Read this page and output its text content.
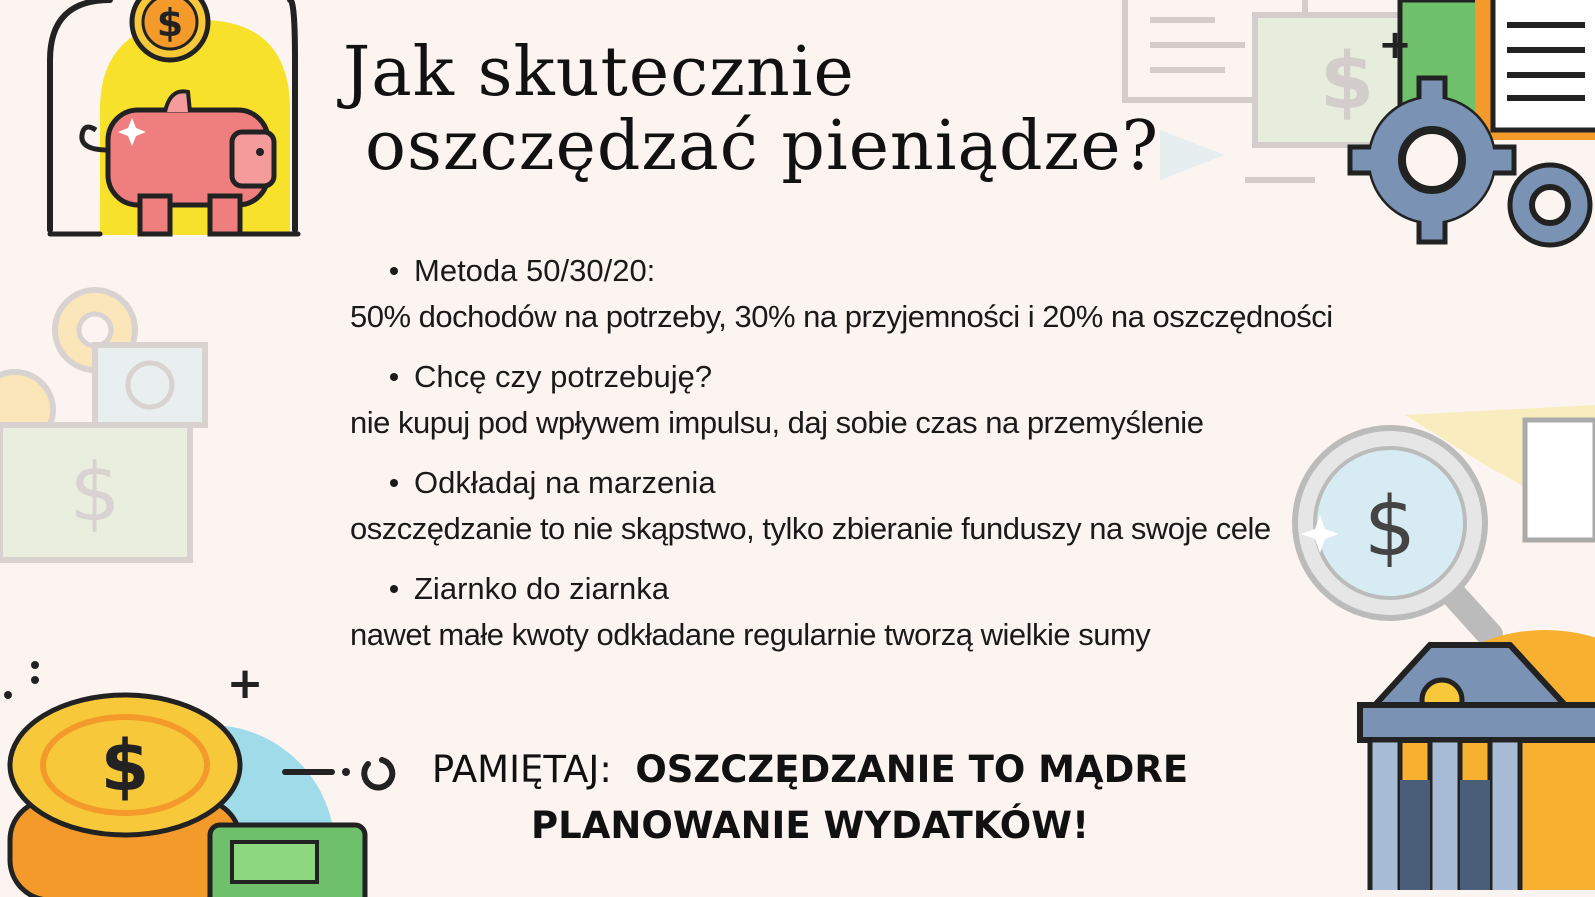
$
$ +
$	$
+
$
Jak skutecznie
oszczędzać pieniądze?
Metoda 50/30/20:
50% dochodów na potrzeby, 30% na przyjemności i 20% na oszczędności
Chcę czy potrzebuję?
nie kupuj pod wpływem impulsu, daj sobie czas na przemyślenie
Odkładaj na marzenia
oszczędzanie to nie skąpstwo, tylko zbieranie funduszy na swoje cele
Ziarnko do ziarnka
nawet małe kwoty odkładane regularnie tworzą wielkie sumy
PAMIĘTAJ: OSZCZĘDZANIE TO MĄDRE
PLANOWANIE WYDATKÓW!
